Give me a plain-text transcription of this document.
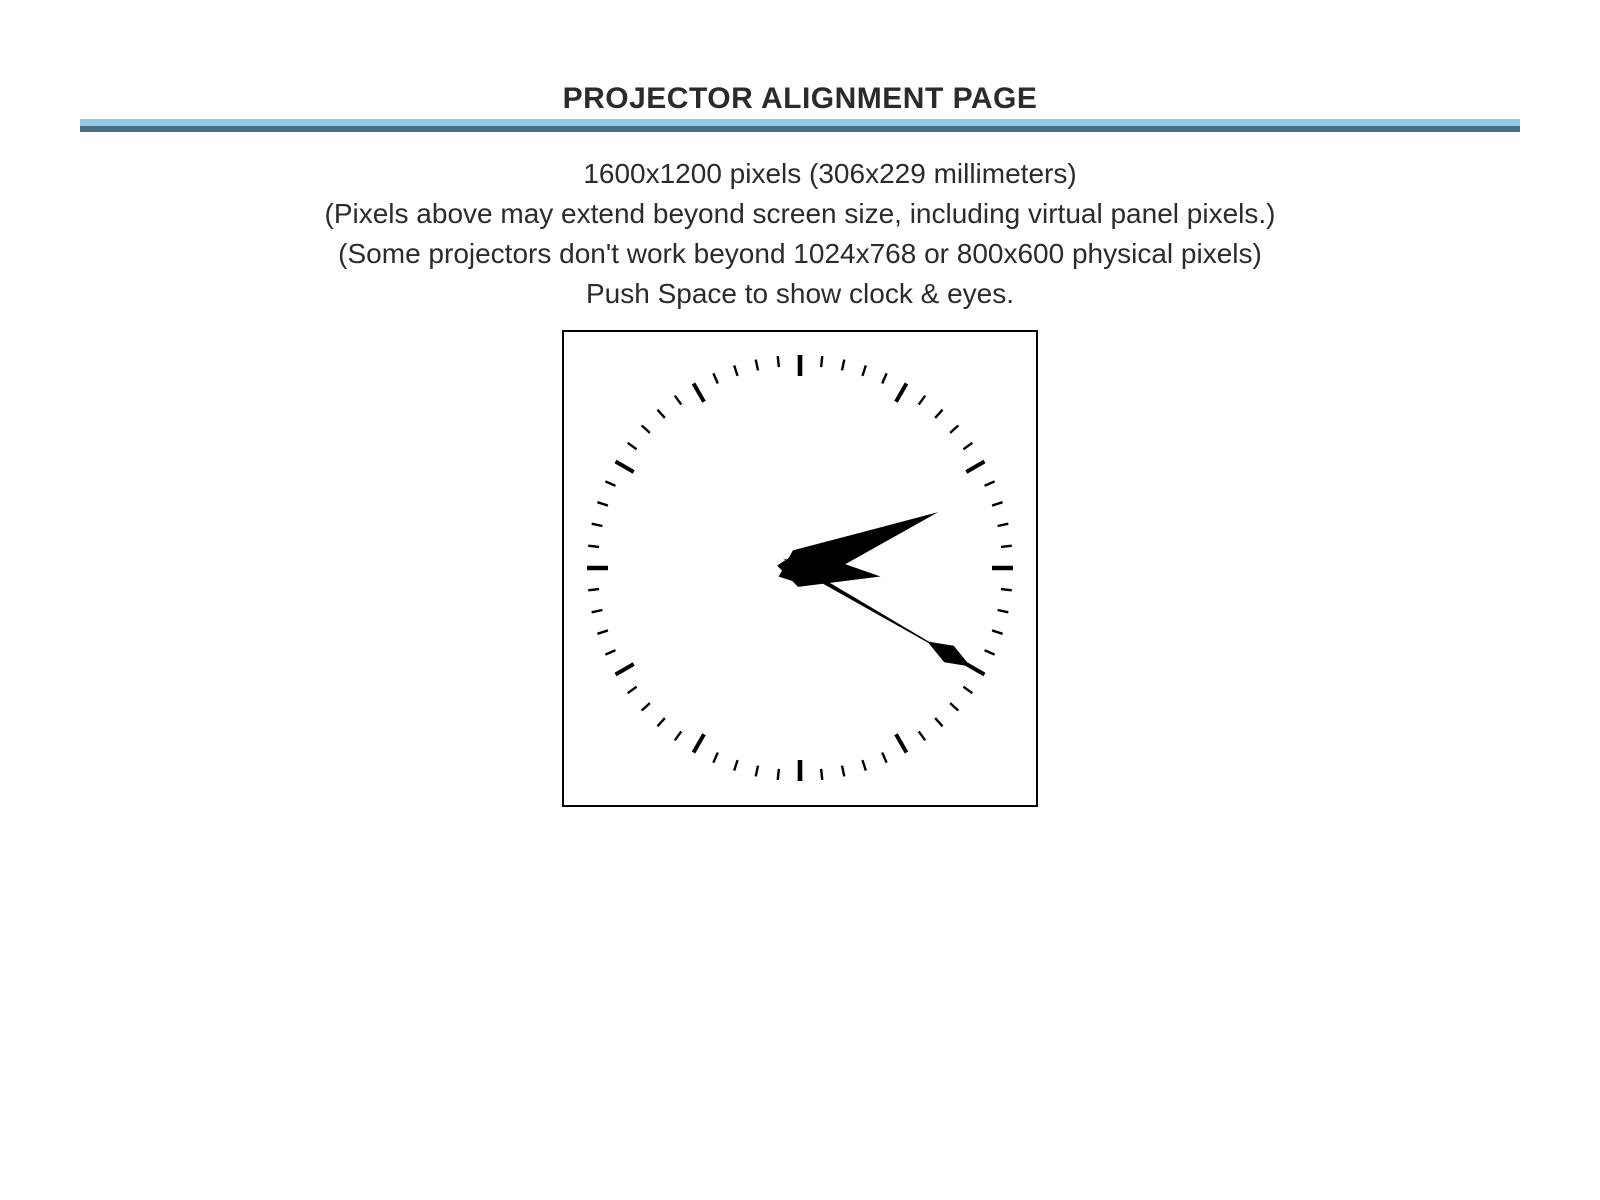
PROJECTOR ALIGNMENT PAGE
1600x1200 pixels (306x229 millimeters)
(Pixels above may extend beyond screen size, including virtual panel pixels.)
(Some projectors don't work beyond 1024x768 or 800x600 physical pixels)
Push Space to show clock & eyes.
